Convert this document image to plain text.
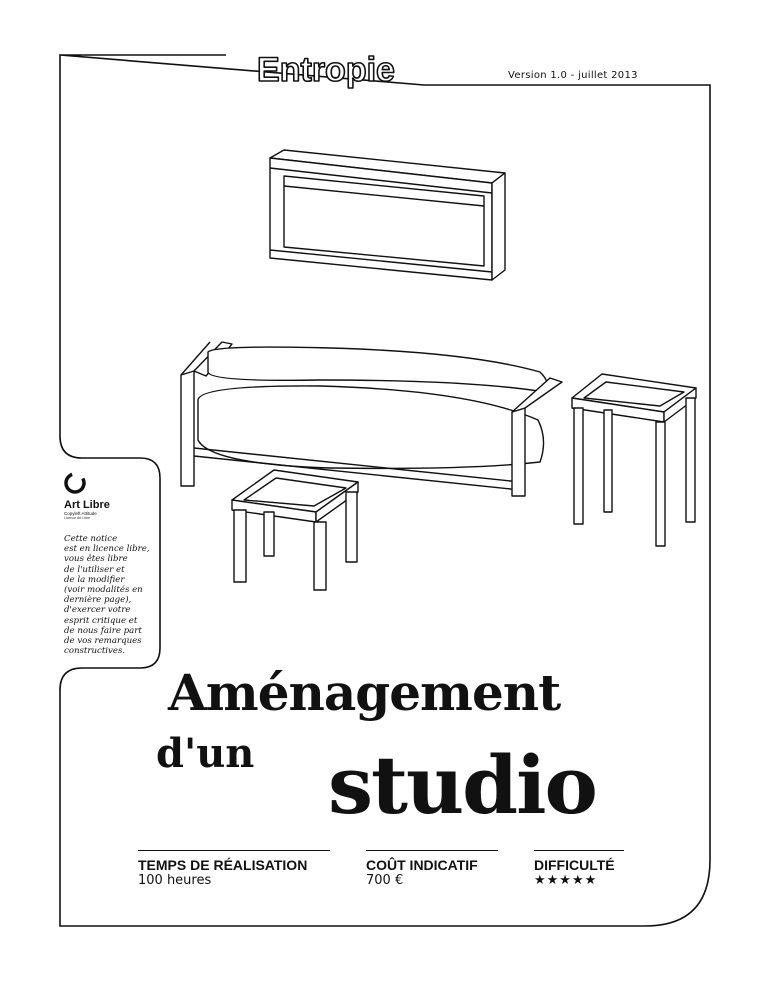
Entropie	Version 1.0 - juillet 2013
Art Libre
Copyleft Attitude
Licence Art Libre
Cette notice
est en licence libre,
vous êtes libre
de l'utiliser et
de la modifier
(voir modalités en
dernière page),
d'exercer votre
esprit critique et
de nous faire part
de vos remarques
constructives.
Aménagement
d'un studio
TEMPS DE RÉALISATION
100 heures
COÛT INDICATIF
700 €
DIFFICULTÉ
★★★★★
